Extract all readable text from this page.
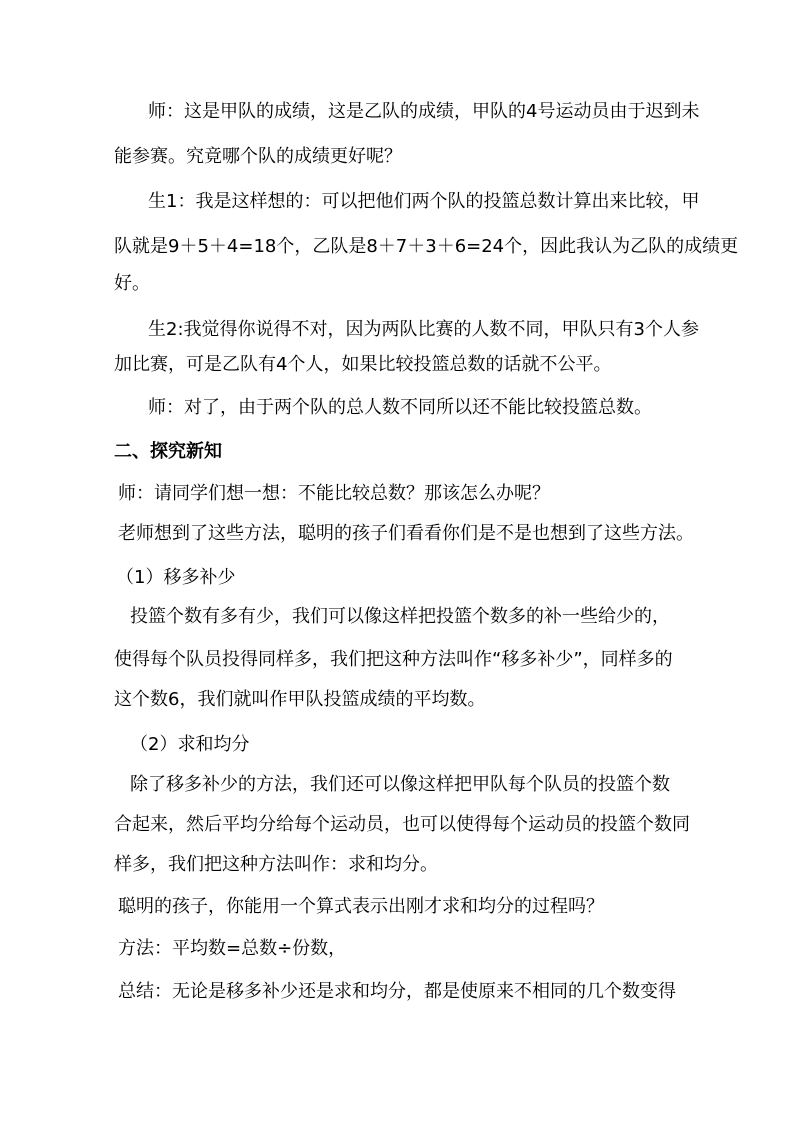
师：这是甲队的成绩，这是乙队的成绩，甲队的4号运动员由于迟到未
能参赛。究竟哪个队的成绩更好呢？
生1：我是这样想的：可以把他们两个队的投篮总数计算出来比较，甲
队就是9＋5＋4=18个，乙队是8＋7＋3＋6=24个，因此我认为乙队的成绩更
好。
生2:我觉得你说得不对，因为两队比赛的人数不同，甲队只有3个人参
加比赛，可是乙队有4个人，如果比较投篮总数的话就不公平。
师：对了，由于两个队的总人数不同所以还不能比较投篮总数。
二、探究新知
师：请同学们想一想：不能比较总数？那该怎么办呢？
老师想到了这些方法，聪明的孩子们看看你们是不是也想到了这些方法。
（1）移多补少
投篮个数有多有少，我们可以像这样把投篮个数多的补一些给少的，
使得每个队员投得同样多，我们把这种方法叫作“移多补少”，同样多的
这个数6，我们就叫作甲队投篮成绩的平均数。
（2）求和均分
除了移多补少的方法，我们还可以像这样把甲队每个队员的投篮个数
合起来，然后平均分给每个运动员，也可以使得每个运动员的投篮个数同
样多，我们把这种方法叫作：求和均分。
聪明的孩子，你能用一个算式表示出刚才求和均分的过程吗？
方法：平均数=总数÷份数，
总结：无论是移多补少还是求和均分，都是使原来不相同的几个数变得
